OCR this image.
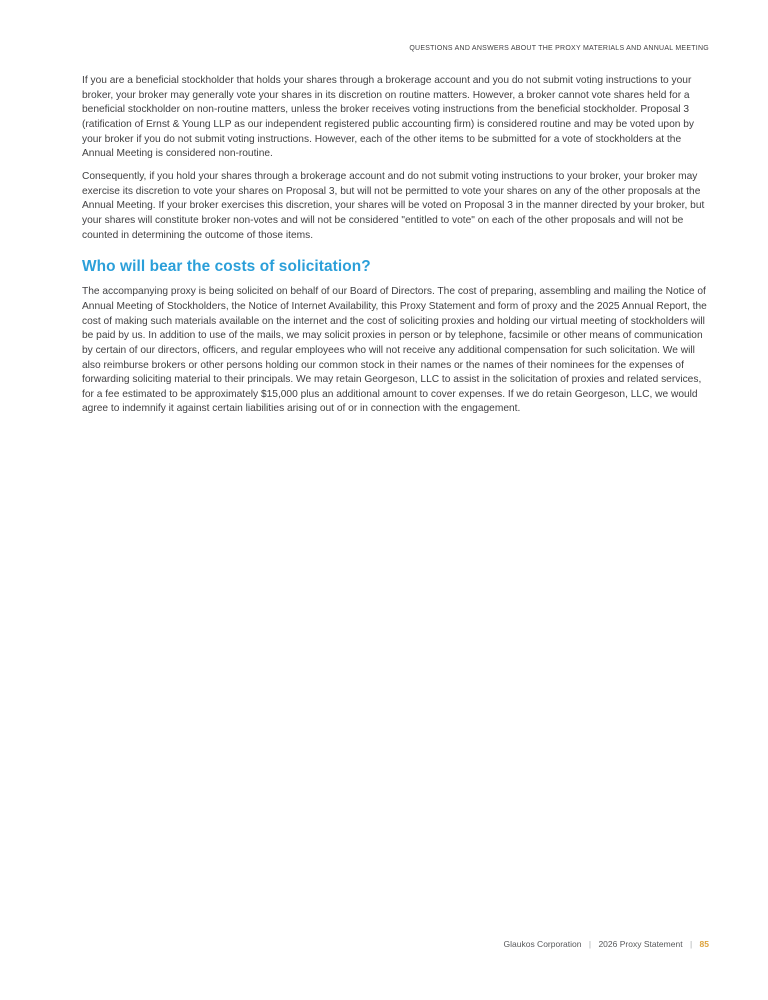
QUESTIONS AND ANSWERS ABOUT THE PROXY MATERIALS AND ANNUAL MEETING

If you are a beneficial stockholder that holds your shares through a brokerage account and you do not submit voting instructions to your broker, your broker may generally vote your shares in its discretion on routine matters. However, a broker cannot vote shares held for a beneficial stockholder on non-routine matters, unless the broker receives voting instructions from the beneficial stockholder. Proposal 3 (ratification of Ernst & Young LLP as our independent registered public accounting firm) is considered routine and may be voted upon by your broker if you do not submit voting instructions. However, each of the other items to be submitted for a vote of stockholders at the Annual Meeting is considered non-routine.

Consequently, if you hold your shares through a brokerage account and do not submit voting instructions to your broker, your broker may exercise its discretion to vote your shares on Proposal 3, but will not be permitted to vote your shares on any of the other proposals at the Annual Meeting. If your broker exercises this discretion, your shares will be voted on Proposal 3 in the manner directed by your broker, but your shares will constitute broker non-votes and will not be considered "entitled to vote" on each of the other proposals and will not be counted in determining the outcome of those items.

Who will bear the costs of solicitation?

The accompanying proxy is being solicited on behalf of our Board of Directors. The cost of preparing, assembling and mailing the Notice of Annual Meeting of Stockholders, the Notice of Internet Availability, this Proxy Statement and form of proxy and the 2025 Annual Report, the cost of making such materials available on the internet and the cost of soliciting proxies and holding our virtual meeting of stockholders will be paid by us. In addition to use of the mails, we may solicit proxies in person or by telephone, facsimile or other means of communication by certain of our directors, officers, and regular employees who will not receive any additional compensation for such solicitation. We will also reimburse brokers or other persons holding our common stock in their names or the names of their nominees for the expenses of forwarding soliciting material to their principals. We may retain Georgeson, LLC to assist in the solicitation of proxies and related services, for a fee estimated to be approximately $15,000 plus an additional amount to cover expenses. If we do retain Georgeson, LLC, we would agree to indemnify it against certain liabilities arising out of or in connection with the engagement.

Glaukos Corporation | 2026 Proxy Statement | 85
